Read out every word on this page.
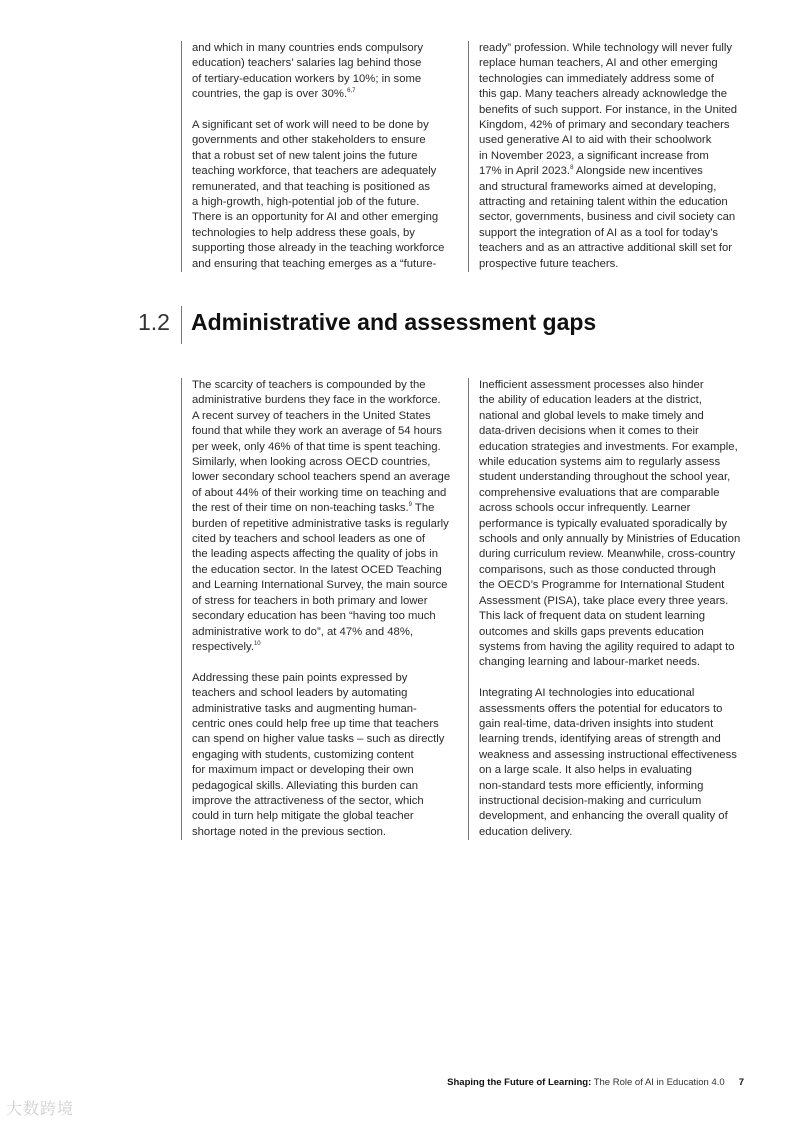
and which in many countries ends compulsory
education) teachers’ salaries lag behind those
of tertiary-education workers by 10%; in some
countries, the gap is over 30%.$^{6,7}$
A significant set of work will need to be done by
governments and other stakeholders to ensure
that a robust set of new talent joins the future
teaching workforce, that teachers are adequately
remunerated, and that teaching is positioned as
a high-growth, high-potential job of the future.
There is an opportunity for AI and other emerging
technologies to help address these goals, by
supporting those already in the teaching workforce
and ensuring that teaching emerges as a “future-
ready” profession. While technology will never fully
replace human teachers, AI and other emerging
technologies can immediately address some of
this gap. Many teachers already acknowledge the
benefits of such support. For instance, in the United
Kingdom, 42% of primary and secondary teachers
used generative AI to aid with their schoolwork
in November 2023, a significant increase from
17% in April 2023.$^8$ Alongside new incentives
and structural frameworks aimed at developing,
attracting and retaining talent within the education
sector, governments, business and civil society can
support the integration of AI as a tool for today’s
teachers and as an attractive additional skill set for
prospective future teachers.
1.2 Administrative and assessment gaps
The scarcity of teachers is compounded by the
administrative burdens they face in the workforce.
A recent survey of teachers in the United States
found that while they work an average of 54 hours
per week, only 46% of that time is spent teaching.
Similarly, when looking across OECD countries,
lower secondary school teachers spend an average
of about 44% of their working time on teaching and
the rest of their time on non-teaching tasks.$^9$ The
burden of repetitive administrative tasks is regularly
cited by teachers and school leaders as one of
the leading aspects affecting the quality of jobs in
the education sector. In the latest OCED Teaching
and Learning International Survey, the main source
of stress for teachers in both primary and lower
secondary education has been “having too much
administrative work to do”, at 47% and 48%,
respectively.$^{10}$
Addressing these pain points expressed by
teachers and school leaders by automating
administrative tasks and augmenting human-
centric ones could help free up time that teachers
can spend on higher value tasks – such as directly
engaging with students, customizing content
for maximum impact or developing their own
pedagogical skills. Alleviating this burden can
improve the attractiveness of the sector, which
could in turn help mitigate the global teacher
shortage noted in the previous section.
Inefficient assessment processes also hinder
the ability of education leaders at the district,
national and global levels to make timely and
data-driven decisions when it comes to their
education strategies and investments. For example,
while education systems aim to regularly assess
student understanding throughout the school year,
comprehensive evaluations that are comparable
across schools occur infrequently. Learner
performance is typically evaluated sporadically by
schools and only annually by Ministries of Education
during curriculum review. Meanwhile, cross-country
comparisons, such as those conducted through
the OECD’s Programme for International Student
Assessment (PISA), take place every three years.
This lack of frequent data on student learning
outcomes and skills gaps prevents education
systems from having the agility required to adapt to
changing learning and labour-market needs.
Integrating AI technologies into educational
assessments offers the potential for educators to
gain real-time, data-driven insights into student
learning trends, identifying areas of strength and
weakness and assessing instructional effectiveness
on a large scale. It also helps in evaluating
non-standard tests more efficiently, informing
instructional decision-making and curriculum
development, and enhancing the overall quality of
education delivery.
Shaping the Future of Learning: The Role of AI in Education 4.0 7
大数跨境
